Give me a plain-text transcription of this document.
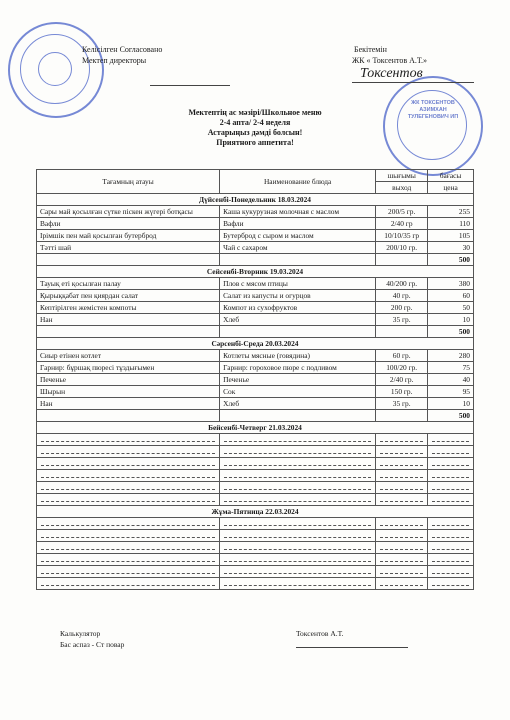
ЖК ТОКСЕНТОВ АЗИМХАН ТУЛЕГЕНОВИЧ ИП
Келісілген Согласовано
Мектеп директоры
Бекітемін
ЖК « Токсентов А.Т.»
Токсентов
Мектептің ас мәзірі/Школьное меню
2-4 апта/ 2-4 неделя
Астарыңыз дәмді болсын!
Приятного аппетита!
Тағамның атауы	Наименование блюда	шығымы	бағасы
		выход	цена
Дүйсенбі-Понедельник 18.03.2024			
Сары май қосылған сүтке піскен жүгері ботқасы	Каша кукурузная молочная с маслом	200/5 гр.	255
Вафли	Вафли	2/40 гр	110
Ірімшік пен май қосылған бутерброд	Бутерброд с сыром и маслом	10/10/35 гр	105
Тәтті шай	Чай с сахаром	200/10 гр.	30
			500
Сейсенбі-Вторник 19.03.2024			
Тауық еті қосылған палау	Плов с мясом птицы	40/200 гр.	380
Қырыққабат пен қиярдан салат	Салат из капусты и огурцов	40 гр.	60
Кептірілген жемістен компоты	Компот из сухофруктов	200 гр.	50
Нан	Хлеб	35 гр.	10
			500
Сәрсенбі-Среда 20.03.2024			
Сиыр етінен котлет	Котлеты мясные (говядина)	60 гр.	280
Гарнир: бұршақ пюресі тұздығымен	Гарнир: гороховое пюре с подливом	100/20 гр.	75
Печенье	Печенье	2/40 гр.	40
Шырын	Сок	150 гр.	95
Нан	Хлеб	35 гр.	10
			500
Бейсенбі-Четверг 21.03.2024			

Жұма-Пятница 22.03.2024			

Калькулятор
Бас аспаз - Ст повар
Токсентов А.Т.
